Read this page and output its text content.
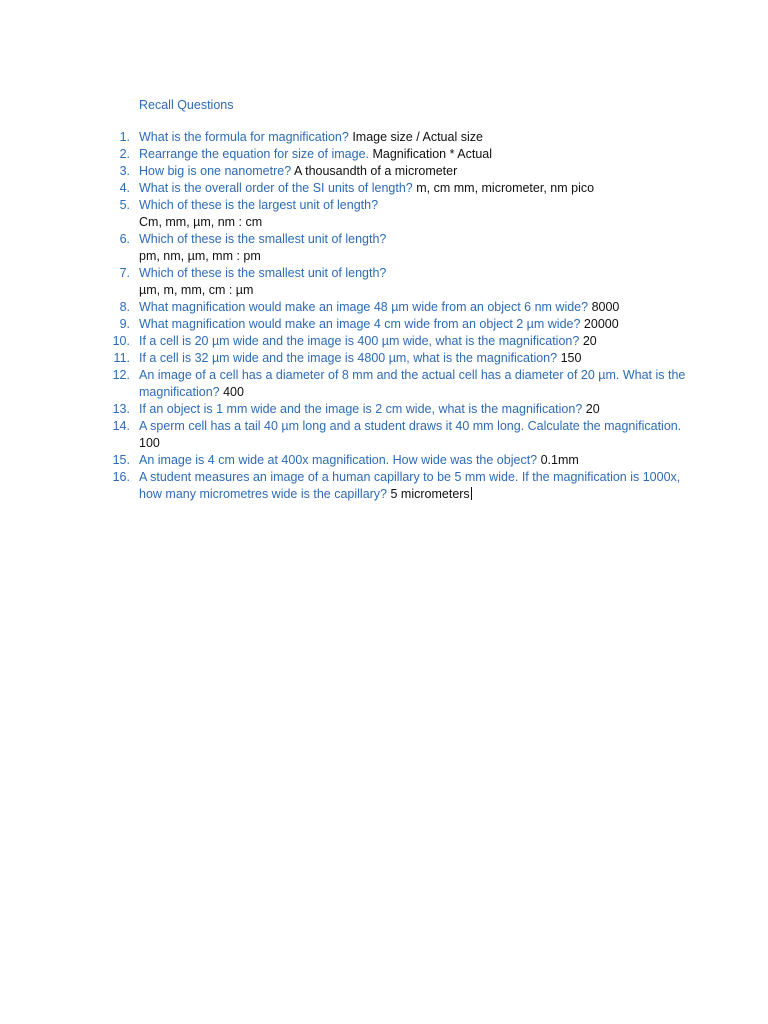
Recall Questions
1. What is the formula for magnification? Image size / Actual size
2. Rearrange the equation for size of image. Magnification * Actual
3. How big is one nanometre? A thousandth of a micrometer
4. What is the overall order of the SI units of length? m, cm mm, micrometer, nm pico
5. Which of these is the largest unit of length?
Cm, mm, µm, nm : cm
6. Which of these is the smallest unit of length?
pm, nm, µm, mm : pm
7. Which of these is the smallest unit of length?
µm, m, mm, cm : µm
8. What magnification would make an image 48 µm wide from an object 6 nm wide? 8000
9. What magnification would make an image 4 cm wide from an object 2 µm wide? 20000
10. If a cell is 20 µm wide and the image is 400 µm wide, what is the magnification? 20
11. If a cell is 32 µm wide and the image is 4800 µm, what is the magnification? 150
12. An image of a cell has a diameter of 8 mm and the actual cell has a diameter of 20 µm. What is the magnification? 400
13. If an object is 1 mm wide and the image is 2 cm wide, what is the magnification? 20
14. A sperm cell has a tail 40 µm long and a student draws it 40 mm long. Calculate the magnification. 100
15. An image is 4 cm wide at 400x magnification. How wide was the object? 0.1mm
16. A student measures an image of a human capillary to be 5 mm wide. If the magnification is 1000x, how many micrometres wide is the capillary? 5 micrometers
